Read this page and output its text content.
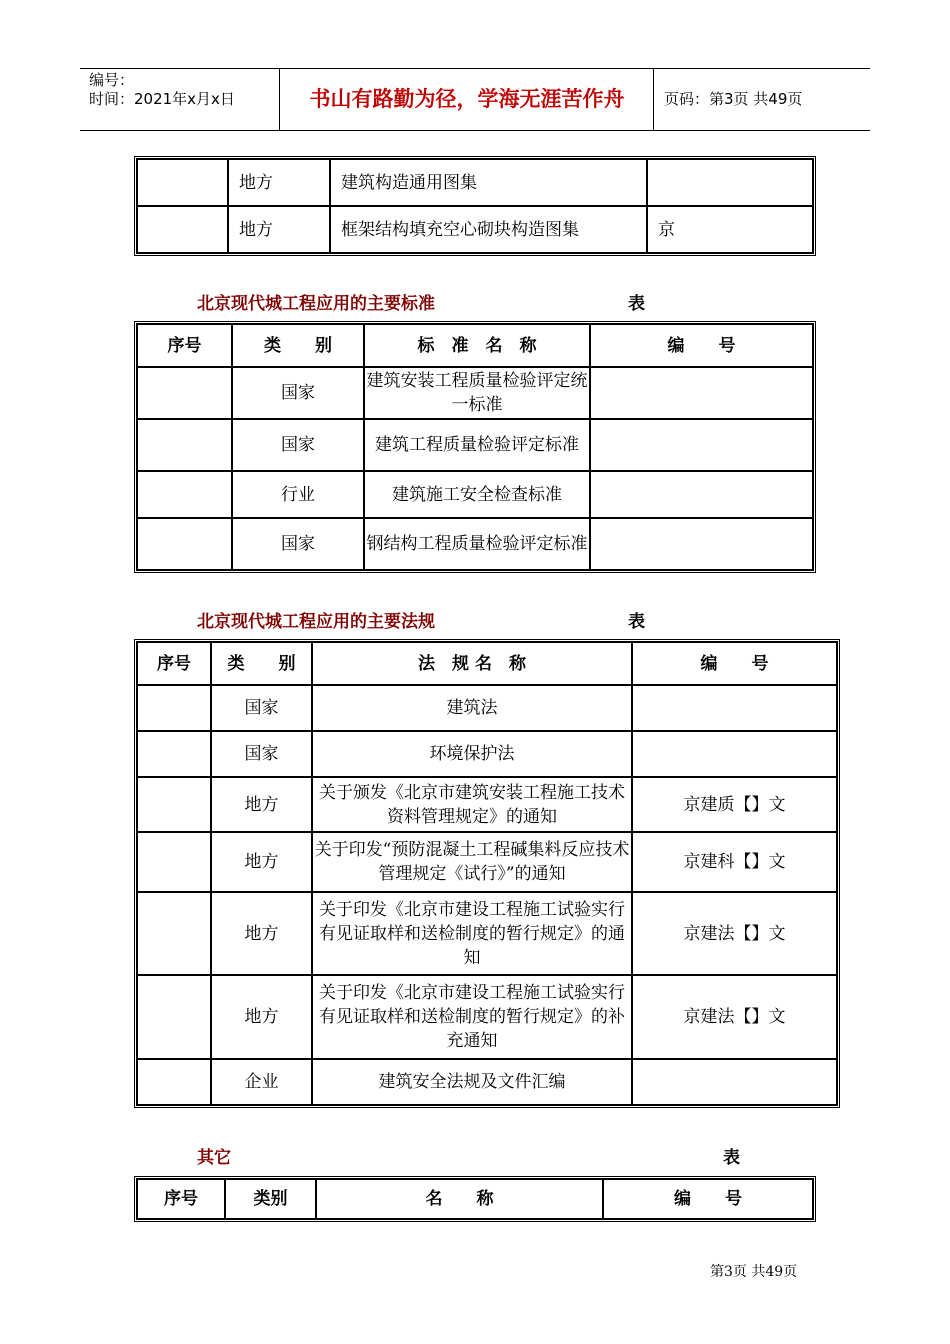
编号：
时间：2021年x月x日	书山有路勤为径，学海无涯苦作舟	页码：第3页 共49页
	地方	建筑构造通用图集	
	地方	框架结构填充空心砌块构造图集	京
北京现代城工程应用的主要标准	表
序号	类　　别	标　准　名　称	编　　号
	国家	建筑安装工程质量检验评定统一标准	
	国家	建筑工程质量检验评定标准	
	行业	建筑施工安全检查标准	
	国家	钢结构工程质量检验评定标准	
北京现代城工程应用的主要法规	表
序号	类　　别	法　规 名　称	编　　号
	国家	建筑法	
	国家	环境保护法	
	地方	关于颁发《北京市建筑安装工程施工技术资料管理规定》的通知	京建质【】文
	地方	关于印发“预防混凝土工程碱集料反应技术管理规定《试行》”的通知	京建科【】文
	地方	关于印发《北京市建设工程施工试验实行有见证取样和送检制度的暂行规定》的通知	京建法【】文
	地方	关于印发《北京市建设工程施工试验实行有见证取样和送检制度的暂行规定》的补充通知	京建法【】文
	企业	建筑安全法规及文件汇编	
其它	表
序号	类别	名　　称	编　　号
第3页 共49页
